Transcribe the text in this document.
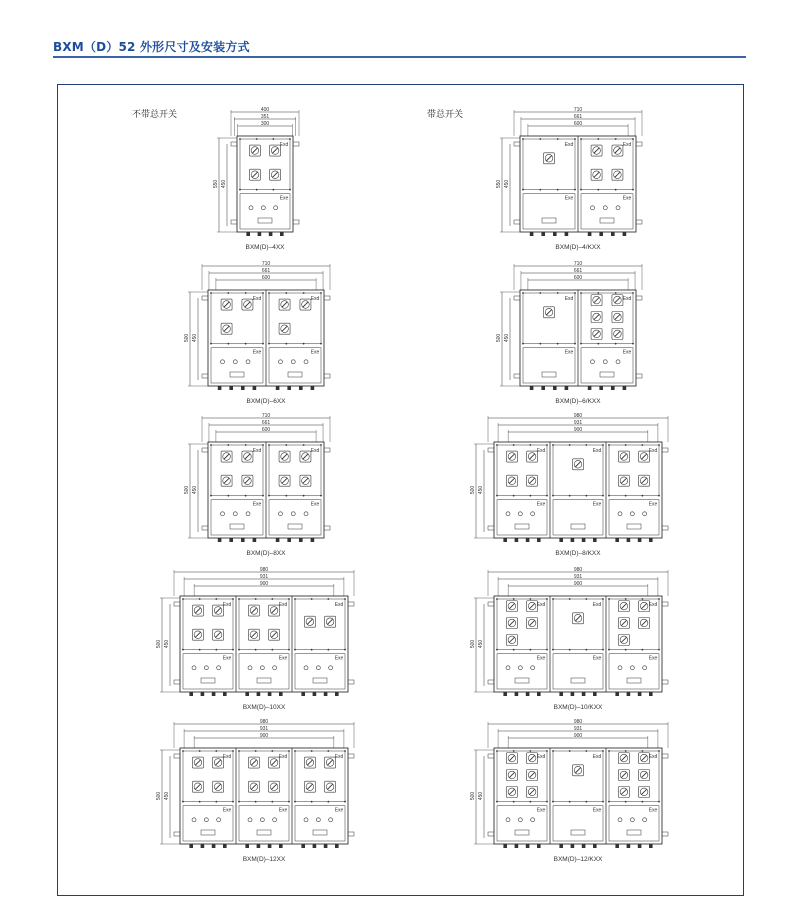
BXM（D）52 外形尺寸及安装方式
不带总开关	带总开关
400
351
300
550 450
Exd
Exe
BXM(D)–4XX
710
661
600
550 450
Exd
Exe
Exd
Exe
BXM(D)–4/KXX
710
661
600
500 450
Exd
Exe
Exd
Exe
BXM(D)–6XX
710
661
600
500 450
Exd
Exe
Exd
Exe
BXM(D)–6/KXX
710
661
600
500 450
Exd
Exe
Exd
Exe
BXM(D)–8XX
980
931
900
500 450
Exd
Exe
Exd
Exe
Exd
Exe
BXM(D)–8/KXX
980
931
900
500 450
Exd
Exe
Exd
Exe
Exd
Exe
BXM(D)–10XX
980
931
900
500 450
Exd
Exe
Exd
Exe
Exd
Exe
BXM(D)–10/KXX
980
931
900
500 450
Exd
Exe
Exd
Exe
Exd
Exe
BXM(D)–12XX
980
931
900
500 450
Exd
Exe
Exd
Exe
Exd
Exe
BXM(D)–12/KXX
